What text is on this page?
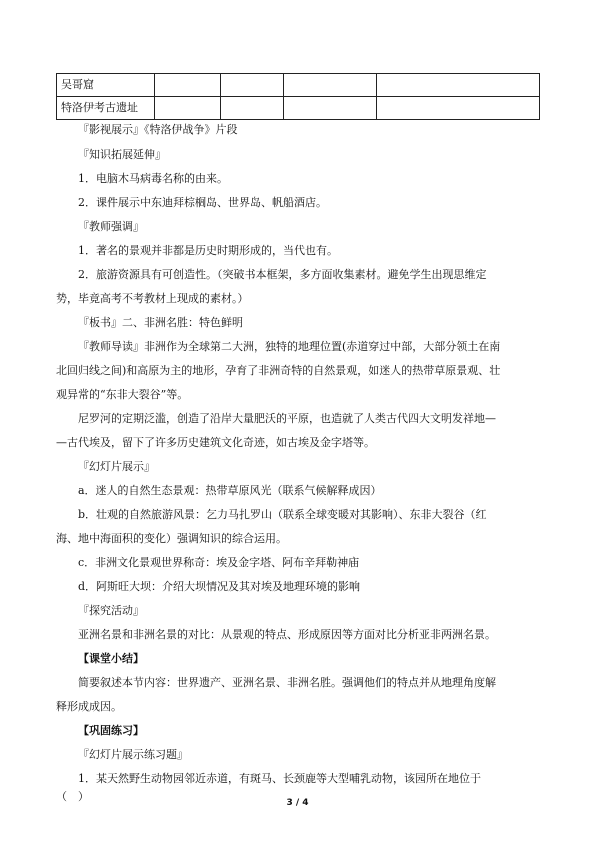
吴哥窟				
特洛伊考古遗址				
『影视展示』《特洛伊战争》片段
『知识拓展延伸』
1．电脑木马病毒名称的由来。
2．课件展示中东迪拜棕榈岛、世界岛、帆船酒店。
『教师强调』
1．著名的景观并非都是历史时期形成的，当代也有。
2．旅游资源具有可创造性。（突破书本框架，多方面收集素材。避免学生出现思维定
势，毕竟高考不考教材上现成的素材。）
『板书』二、非洲名胜：特色鲜明
『教师导读』非洲作为全球第二大洲，独特的地理位置(赤道穿过中部，大部分领土在南
北回归线之间)和高原为主的地形，孕育了非洲奇特的自然景观，如迷人的热带草原景观、壮
观异常的“东非大裂谷”等。
尼罗河的定期泛滥，创造了沿岸大量肥沃的平原，也造就了人类古代四大文明发祥地—
—古代埃及，留下了许多历史建筑文化奇迹，如古埃及金字塔等。
『幻灯片展示』
a．迷人的自然生态景观：热带草原风光（联系气候解释成因）
b．壮观的自然旅游风景：乞力马扎罗山（联系全球变暖对其影响）、东非大裂谷（红
海、地中海面积的变化）强调知识的综合运用。
c．非洲文化景观世界称奇：埃及金字塔、阿布辛拜勒神庙
d．阿斯旺大坝：介绍大坝情况及其对埃及地理环境的影响
『探究活动』
亚洲名景和非洲名景的对比：从景观的特点、形成原因等方面对比分析亚非两洲名景。
【课堂小结】
简要叙述本节内容：世界遗产、亚洲名景、非洲名胜。强调他们的特点并从地理角度解
释形成成因。
【巩固练习】
『幻灯片展示练习题』
1．某天然野生动物园邻近赤道，有斑马、长颈鹿等大型哺乳动物，该园所在地位于
（　）	3 / 4
